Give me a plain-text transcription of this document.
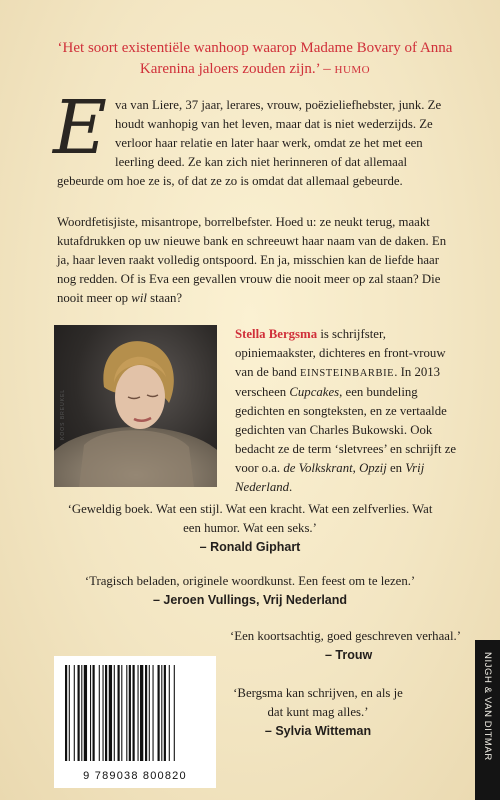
‘Het soort existentiële wanhoop waarop Madame Bovary of Anna Karenina jaloers zouden zijn.’ – HUMO
E va van Liere, 37 jaar, lerares, vrouw, poëzieliefhebster, junk. Ze houdt wanhopig van het leven, maar dat is niet wederzijds. Ze verloor haar relatie en later haar werk, omdat ze het met een leerling deed. Ze kan zich niet herinneren of dat allemaal gebeurde om hoe ze is, of dat ze zo is omdat dat allemaal gebeurde.
Woordfetisjiste, misantrope, borrelbefster. Hoed u: ze neukt terug, maakt kutafdrukken op uw nieuwe bank en schreeuwt haar naam van de daken. En ja, haar leven raakt volledig ontspoord. En ja, misschien kan de liefde haar nog redden. Of is Eva een gevallen vrouw die nooit meer op zal staan? Die nooit meer op wil staan?
KOOS BREUKEL
Stella Bergsma is schrijfster, opiniemaakster, dichteres en front-vrouw van de band EINSTEINBARBIE. In 2013 verscheen Cupcakes, een bundeling gedichten en songteksten, en ze vertaalde gedichten van Charles Bukowski. Ook bedacht ze de term ‘sletvrees’ en schrijft ze voor o.a. de Volkskrant, Opzij en Vrij Nederland.
‘Geweldig boek. Wat een stijl. Wat een kracht. Wat een zelfverlies. Wat een humor. Wat een seks.’
– Ronald Giphart
‘Tragisch beladen, originele woordkunst. Een feest om te lezen.’
– Jeroen Vullings, Vrij Nederland
‘Een koortsachtig, goed geschreven verhaal.’
– Trouw
‘Bergsma kan schrijven, en als je dat kunt mag alles.’
– Sylvia Witteman
9 789038 800820
NIJGH & VAN DITMAR
